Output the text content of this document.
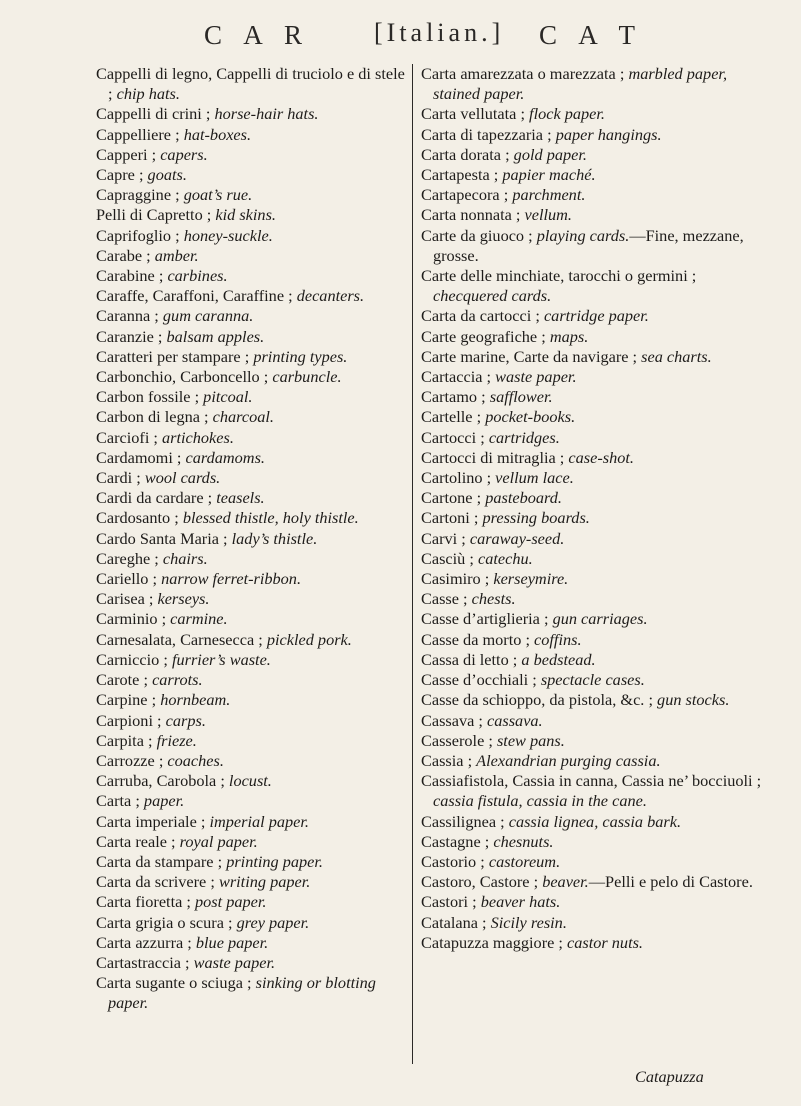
C A R [Italian.] C A T

Cappelli di legno, Cappelli di truciolo e di stele ; chip hats.

Cappelli di crini ; horse-hair hats.

Cappelliere ; hat-boxes.

Capperi ; capers.

Capre ; goats.

Capraggine ; goat’s rue.

Pelli di Capretto ; kid skins.

Caprifoglio ; honey-suckle.

Carabe ; amber.

Carabine ; carbines.

Caraffe, Caraffoni, Caraffine ; decanters.

Caranna ; gum caranna.

Caranzie ; balsam apples.

Caratteri per stampare ; printing types.

Carbonchio, Carboncello ; carbuncle.

Carbon fossile ; pitcoal.

Carbon di legna ; charcoal.

Carciofi ; artichokes.

Cardamomi ; cardamoms.

Cardi ; wool cards.

Cardi da cardare ; teasels.

Cardosanto ; blessed thistle, holy thistle.

Cardo Santa Maria ; lady’s thistle.

Careghe ; chairs.

Cariello ; narrow ferret-ribbon.

Carisea ; kerseys.

Carminio ; carmine.

Carnesalata, Carnesecca ; pickled pork.

Carniccio ; furrier’s waste.

Carote ; carrots.

Carpine ; hornbeam.

Carpioni ; carps.

Carpita ; frieze.

Carrozze ; coaches.

Carruba, Carobola ; locust.

Carta ; paper.

Carta imperiale ; imperial paper.

Carta reale ; royal paper.

Carta da stampare ; printing paper.

Carta da scrivere ; writing paper.

Carta fioretta ; post paper.

Carta grigia o scura ; grey paper.

Carta azzurra ; blue paper.

Cartastraccia ; waste paper.

Carta sugante o sciuga ; sinking or blotting paper.

Carta amarezzata o marezzata ; marbled paper, stained paper.

Carta vellutata ; flock paper.

Carta di tapezzaria ; paper hangings.

Carta dorata ; gold paper.

Cartapesta ; papier maché.

Cartapecora ; parchment.

Carta nonnata ; vellum.

Carte da giuoco ; playing cards.—Fine, mezzane, grosse.

Carte delle minchiate, tarocchi o germini ; checquered cards.

Carta da cartocci ; cartridge paper.

Carte geografiche ; maps.

Carte marine, Carte da navigare ; sea charts.

Cartaccia ; waste paper.

Cartamo ; safflower.

Cartelle ; pocket-books.

Cartocci ; cartridges.

Cartocci di mitraglia ; case-shot.

Cartolino ; vellum lace.

Cartone ; pasteboard.

Cartoni ; pressing boards.

Carvi ; caraway-seed.

Casciù ; catechu.

Casimiro ; kerseymire.

Casse ; chests.

Casse d’artiglieria ; gun carriages.

Casse da morto ; coffins.

Cassa di letto ; a bedstead.

Casse d’occhiali ; spectacle cases.

Casse da schioppo, da pistola, &c. ; gun stocks.

Cassava ; cassava.

Casserole ; stew pans.

Cassia ; Alexandrian purging cassia.

Cassiafistola, Cassia in canna, Cassia ne’ bocciuoli ; cassia fistula, cassia in the cane.

Cassilignea ; cassia lignea, cassia bark.

Castagne ; chesnuts.

Castorio ; castoreum.

Castoro, Castore ; beaver.—Pelli e pelo di Castore.

Castori ; beaver hats.

Catalana ; Sicily resin.

Catapuzza maggiore ; castor nuts.

Catapuzza
